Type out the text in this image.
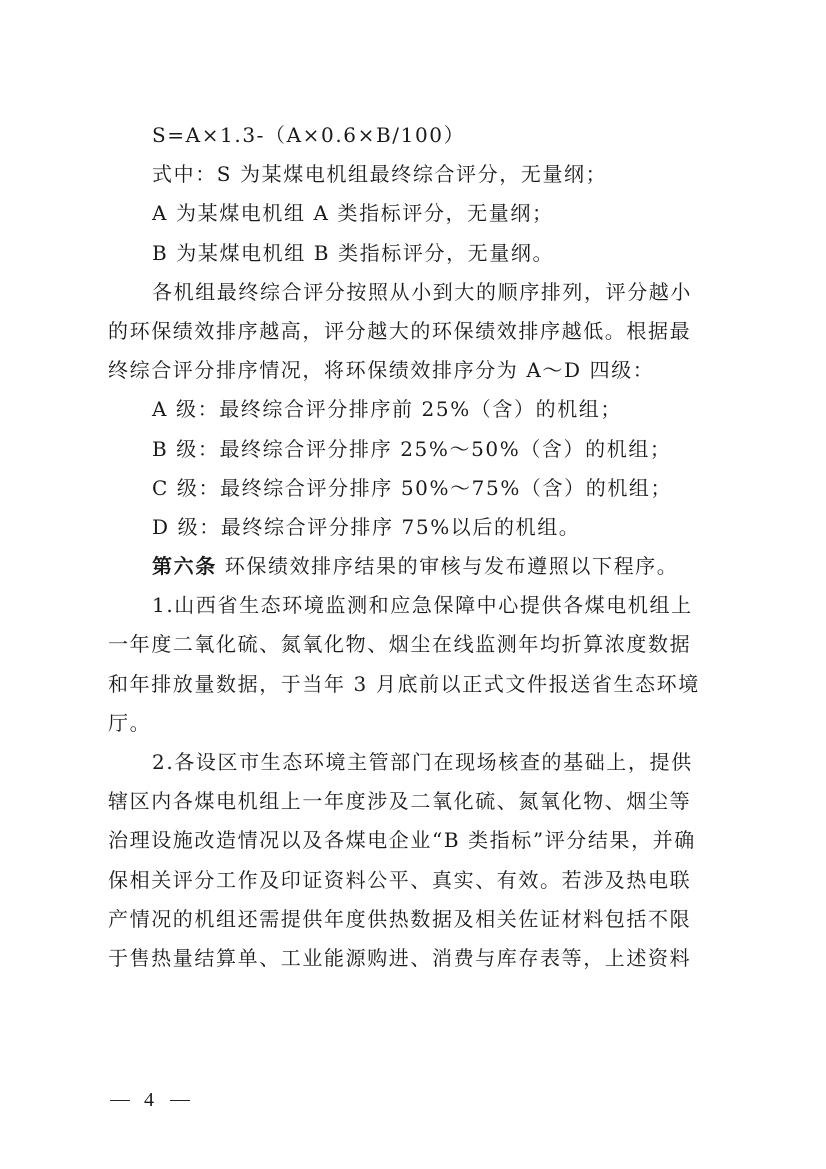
S=A×1.3-（A×0.6×B/100）
式中：S 为某煤电机组最终综合评分，无量纲；
A 为某煤电机组 A 类指标评分，无量纲；
B 为某煤电机组 B 类指标评分，无量纲。
各机组最终综合评分按照从小到大的顺序排列，评分越小
的环保绩效排序越高，评分越大的环保绩效排序越低。根据最
终综合评分排序情况，将环保绩效排序分为 A～D 四级：
A 级：最终综合评分排序前 25%（含）的机组；
B 级：最终综合评分排序 25%～50%（含）的机组；
C 级：最终综合评分排序 50%～75%（含）的机组；
D 级：最终综合评分排序 75%以后的机组。
第六条 环保绩效排序结果的审核与发布遵照以下程序。
1.山西省生态环境监测和应急保障中心提供各煤电机组上
一年度二氧化硫、氮氧化物、烟尘在线监测年均折算浓度数据
和年排放量数据，于当年 3 月底前以正式文件报送省生态环境
厅。
2.各设区市生态环境主管部门在现场核查的基础上，提供
辖区内各煤电机组上一年度涉及二氧化硫、氮氧化物、烟尘等
治理设施改造情况以及各煤电企业“B 类指标”评分结果，并确
保相关评分工作及印证资料公平、真实、有效。若涉及热电联
产情况的机组还需提供年度供热数据及相关佐证材料包括不限
于售热量结算单、工业能源购进、消费与库存表等，上述资料
4
